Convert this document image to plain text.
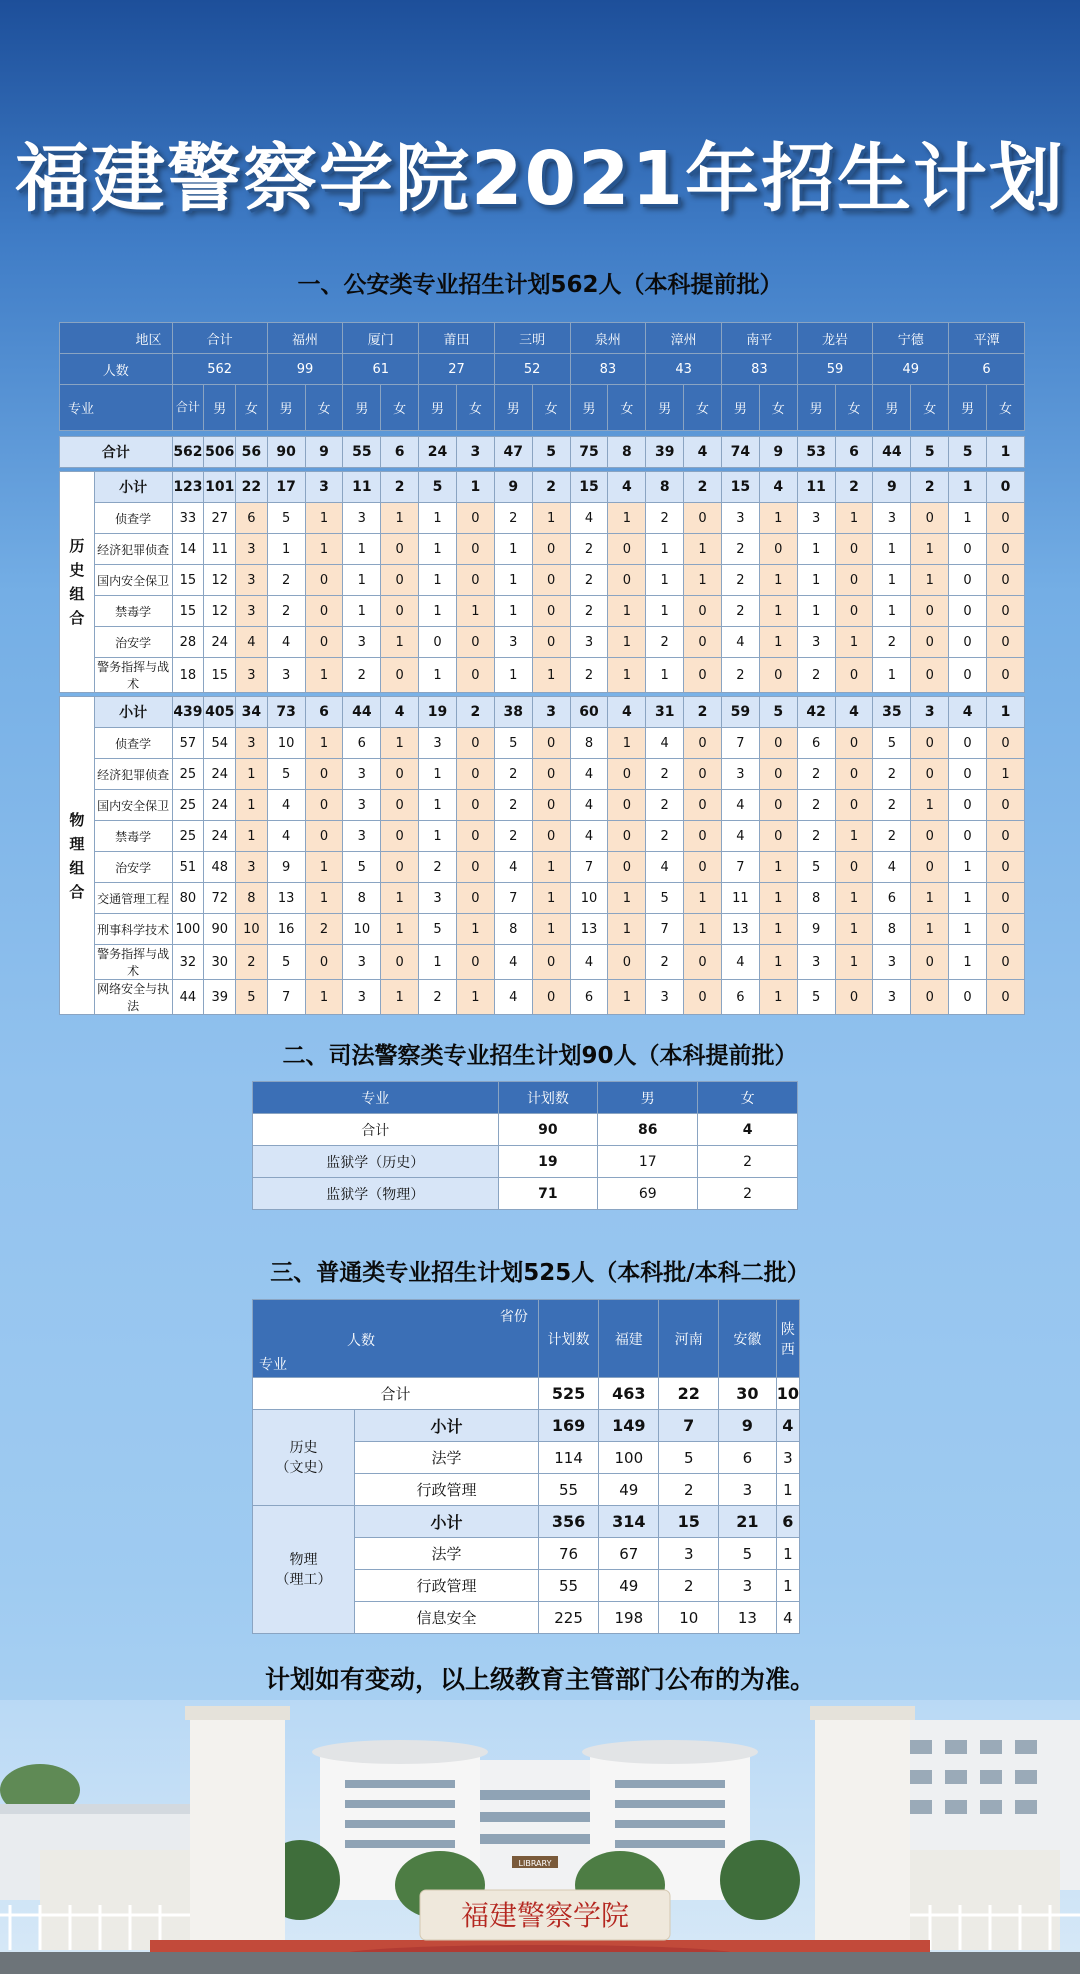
福建警察学院2021年招生计划
一、公安类专业招生计划562人（本科提前批）
地区		合计			福州		厦门		莆田		三明		泉州		漳州		南平		龙岩		宁德		平潭	
人数		562			99		61		27		52		83		43		83		59		49		6	
专业		合计	男	女	男	女	男	女	男	女	男	女	男	女	男	女	男	女	男	女	男	女	男	女

合计		562	506	56	90	9	55	6	24	3	47	5	75	8	39	4	74	9	53	6	44	5	5	1

历史组合	小计	123	101	22	17	3	11	2	5	1	9	2	15	4	8	2	15	4	11	2	9	2	1	0
	侦查学	33	27	6	5	1	3	1	1	0	2	1	4	1	2	0	3	1	3	1	3	0	1	0
	经济犯罪侦查	14	11	3	1	1	1	0	1	0	1	0	2	0	1	1	2	0	1	0	1	1	0	0
	国内安全保卫	15	12	3	2	0	1	0	1	0	1	0	2	0	1	1	2	1	1	0	1	1	0	0
	禁毒学	15	12	3	2	0	1	0	1	1	1	0	2	1	1	0	2	1	1	0	1	0	0	0
	治安学	28	24	4	4	0	3	1	0	0	3	0	3	1	2	0	4	1	3	1	2	0	0	0
	警务指挥与战术	18	15	3	3	1	2	0	1	0	1	1	2	1	1	0	2	0	2	0	1	0	0	0

物理组合	小计	439	405	34	73	6	44	4	19	2	38	3	60	4	31	2	59	5	42	4	35	3	4	1
	侦查学	57	54	3	10	1	6	1	3	0	5	0	8	1	4	0	7	0	6	0	5	0	0	0
	经济犯罪侦查	25	24	1	5	0	3	0	1	0	2	0	4	0	2	0	3	0	2	0	2	0	0	1
	国内安全保卫	25	24	1	4	0	3	0	1	0	2	0	4	0	2	0	4	0	2	0	2	1	0	0
	禁毒学	25	24	1	4	0	3	0	1	0	2	0	4	0	2	0	4	0	2	1	2	0	0	0
	治安学	51	48	3	9	1	5	0	2	0	4	1	7	0	4	0	7	1	5	0	4	0	1	0
	交通管理工程	80	72	8	13	1	8	1	3	0	7	1	10	1	5	1	11	1	8	1	6	1	1	0
	刑事科学技术	100	90	10	16	2	10	1	5	1	8	1	13	1	7	1	13	1	9	1	8	1	1	0
	警务指挥与战术	32	30	2	5	0	3	0	1	0	4	0	4	0	2	0	4	1	3	1	3	0	1	0
	网络安全与执法	44	39	5	7	1	3	1	2	1	4	0	6	1	3	0	6	1	5	0	3	0	0	0
二、司法警察类专业招生计划90人（本科提前批）
专业	计划数	男	女
合计	90	86	4
监狱学（历史）	19	17	2
监狱学（物理）	71	69	2
三、普通类专业招生计划525人（本科批/本科二批）
省份
人数
专业		计划数	福建	河南	安徽	陕西
合计		525	463	22	30	10

历史
（文史）	小计	169	149	7	9	4
	法学	114	100	5	6	3
	行政管理	55	49	2	3	1

物理
（理工）	小计	356	314	15	21	6
	法学	76	67	3	5	1
	行政管理	55	49	2	3	1
	信息安全	225	198	10	13	4
计划如有变动，以上级教育主管部门公布的为准。
LIBRARY
福建警察学院
